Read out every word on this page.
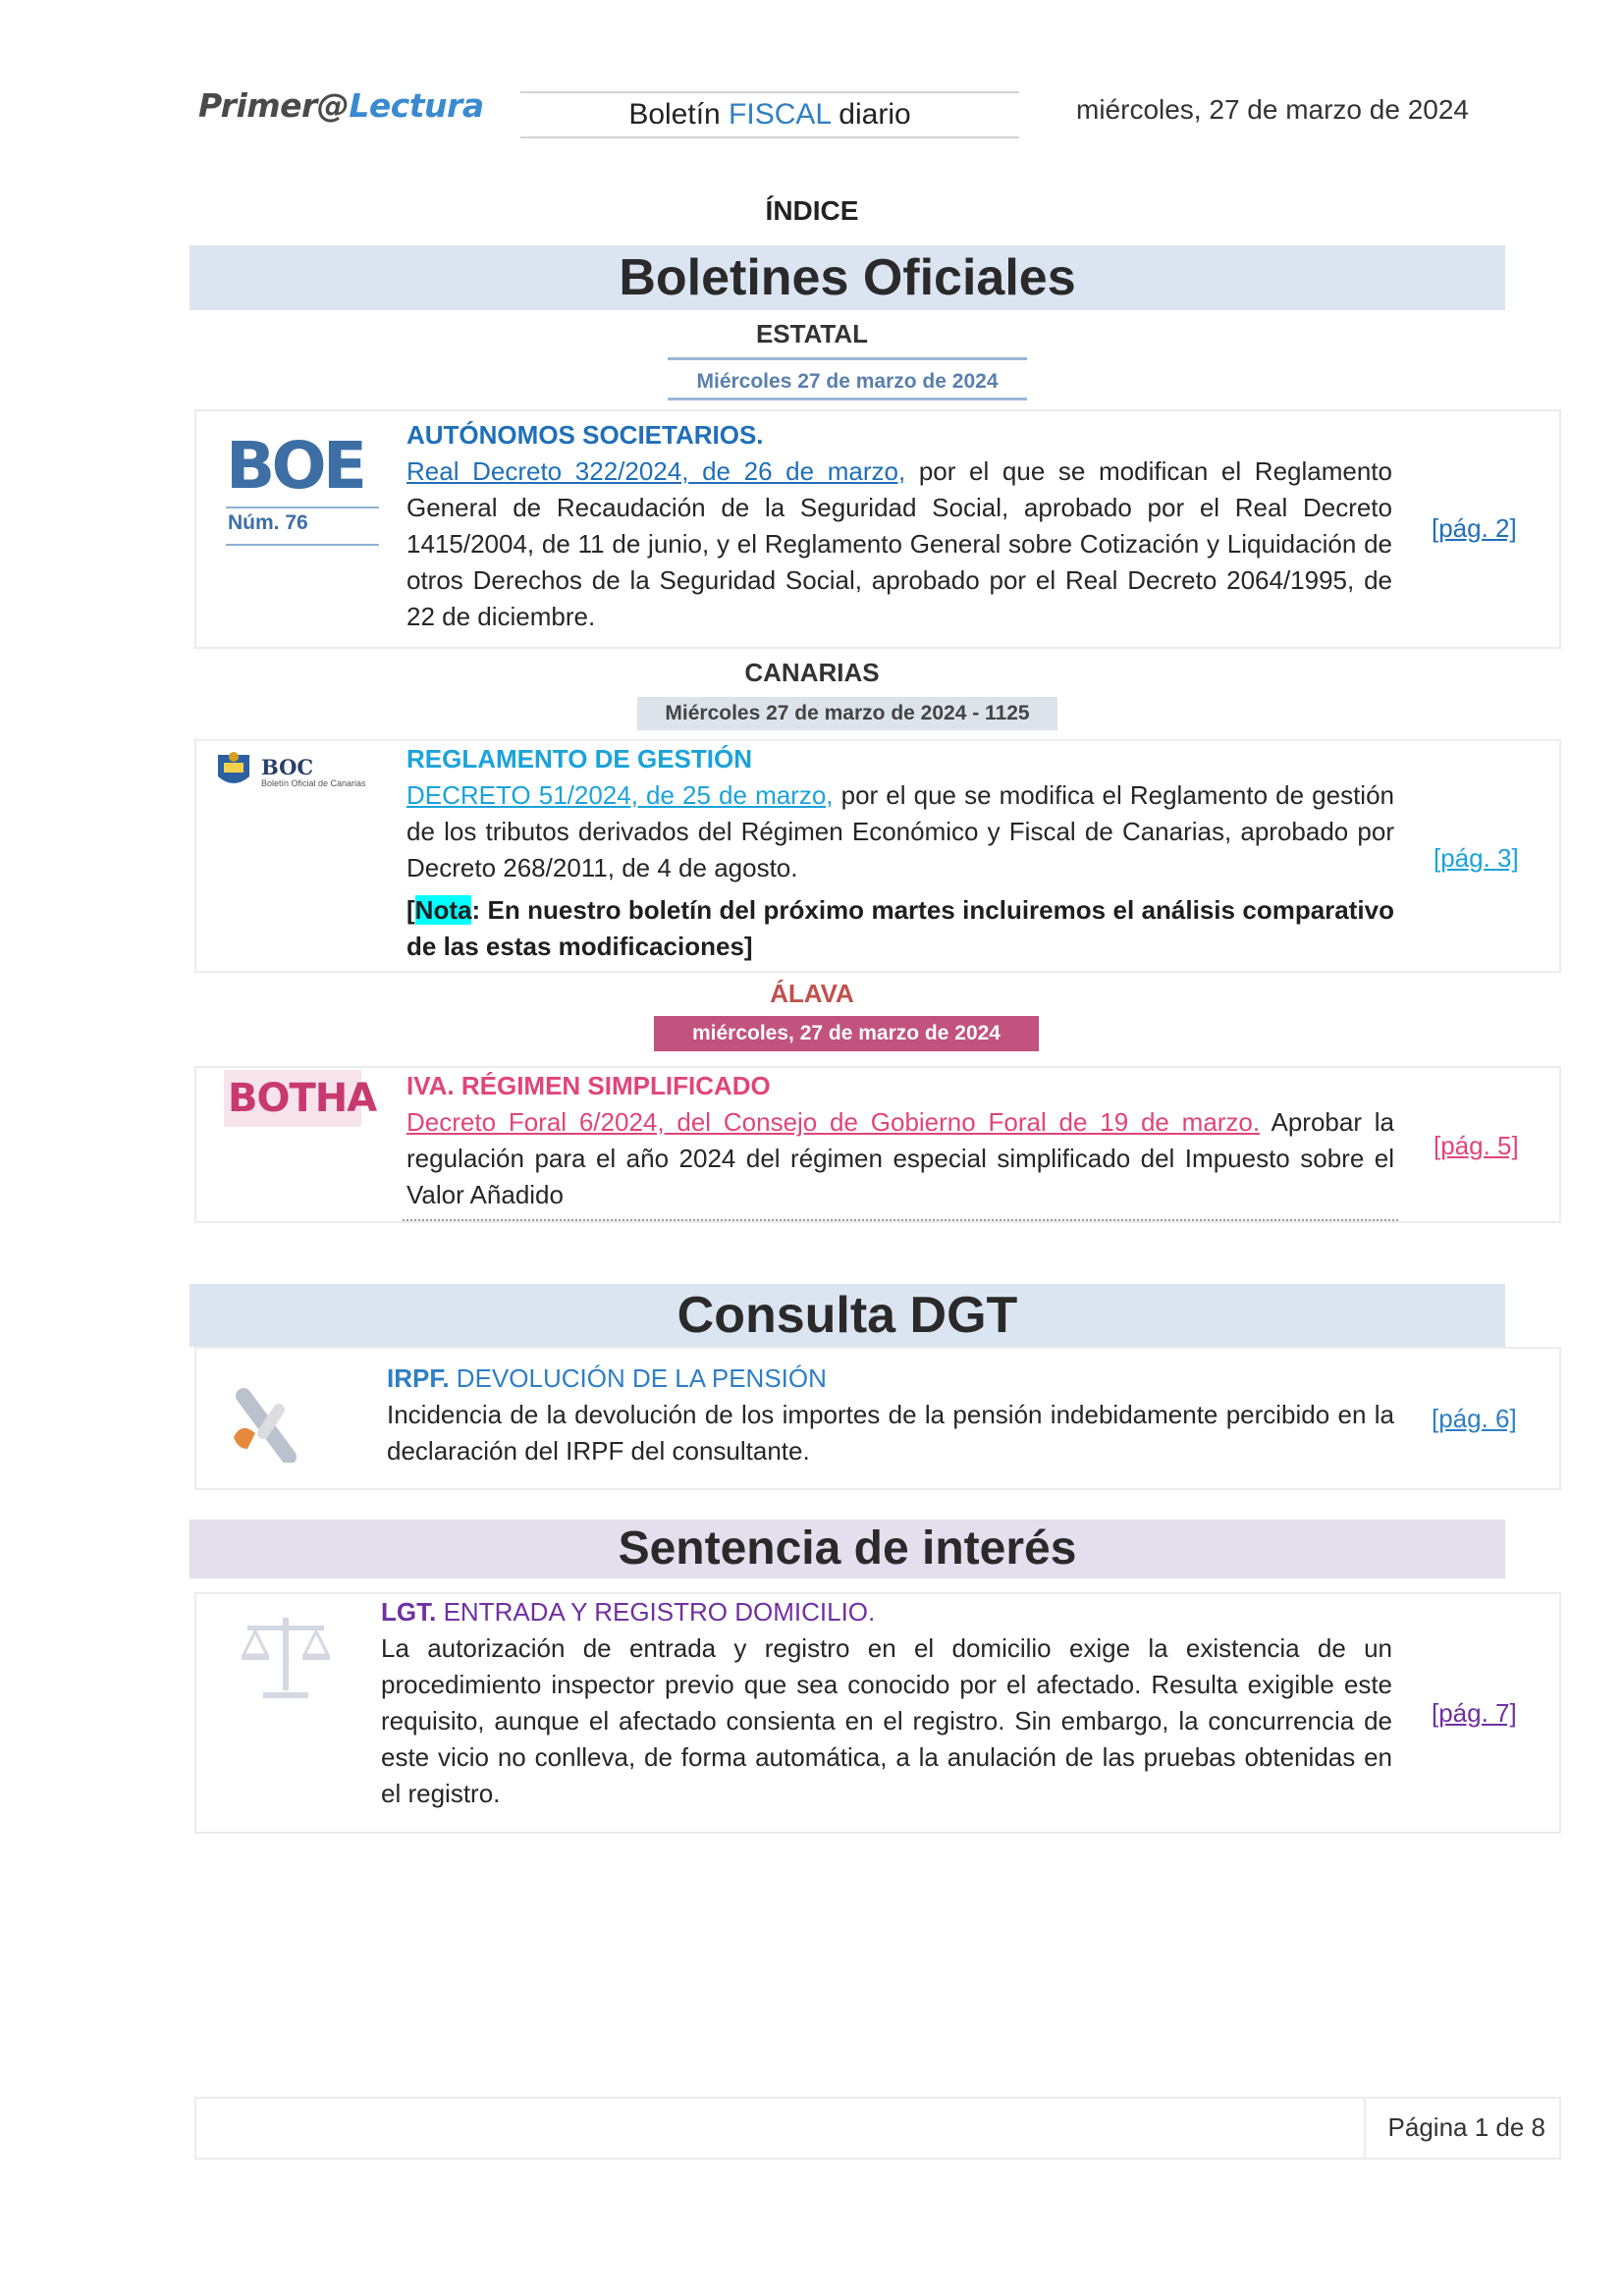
Primer@Lectura	Boletín FISCAL diario	miércoles, 27 de marzo de 2024
ÍNDICE
Boletines Oficiales
ESTATAL
Miércoles 27 de marzo de 2024
BOE
Núm. 76
AUTÓNOMOS SOCIETARIOS.
Real Decreto 322/2024, de 26 de marzo, por el que se modifican el Reglamento General de Recaudación de la Seguridad Social, aprobado por el Real Decreto 1415/2004, de 11 de junio, y el Reglamento General sobre Cotización y Liquidación de otros Derechos de la Seguridad Social, aprobado por el Real Decreto 2064/1995, de 22 de diciembre.
[pág. 2]
CANARIAS
Miércoles 27 de marzo de 2024 - 1125
BOC
Boletín Oficial de Canarias
REGLAMENTO DE GESTIÓN
DECRETO 51/2024, de 25 de marzo, por el que se modifica el Reglamento de gestión de los tributos derivados del Régimen Económico y Fiscal de Canarias, aprobado por Decreto 268/2011, de 4 de agosto.
[Nota: En nuestro boletín del próximo martes incluiremos el análisis comparativo de las estas modificaciones]
[pág. 3]
ÁLAVA
miércoles, 27 de marzo de 2024
BOTHA IVA. RÉGIMEN SIMPLIFICADO
Decreto Foral 6/2024, del Consejo de Gobierno Foral de 19 de marzo. Aprobar la regulación para el año 2024 del régimen especial simplificado del Impuesto sobre el Valor Añadido
[pág. 5]
Consulta DGT
IRPF. DEVOLUCIÓN DE LA PENSIÓN
Incidencia de la devolución de los importes de la pensión indebidamente percibido en la declaración del IRPF del consultante.
[pág. 6]
Sentencia de interés
LGT. ENTRADA Y REGISTRO DOMICILIO.
La autorización de entrada y registro en el domicilio exige la existencia de un procedimiento inspector previo que sea conocido por el afectado. Resulta exigible este requisito, aunque el afectado consienta en el registro. Sin embargo, la concurrencia de este vicio no conlleva, de forma automática, a la anulación de las pruebas obtenidas en el registro.
[pág. 7]
Página 1 de 8
